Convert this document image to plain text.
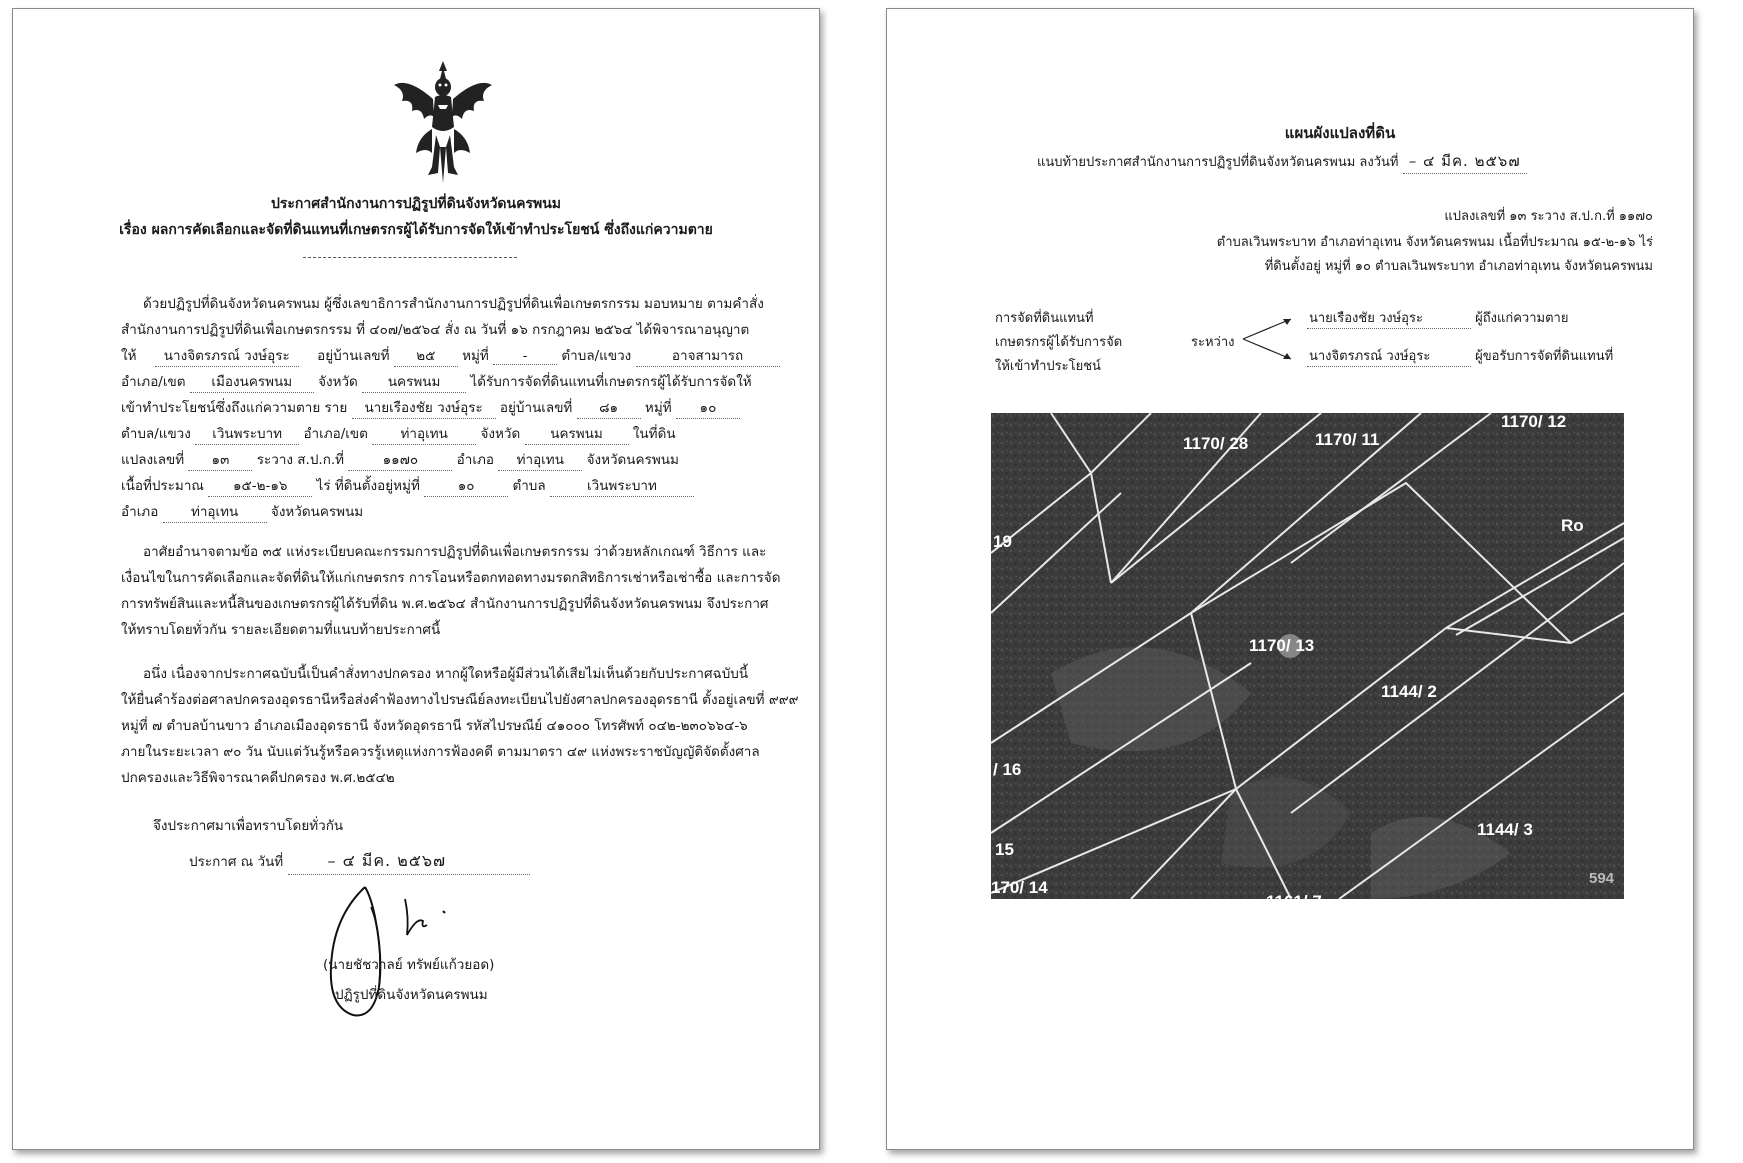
ประกาศสำนักงานการปฏิรูปที่ดินจังหวัดนครพนม
เรื่อง ผลการคัดเลือกและจัดที่ดินแทนที่เกษตรกรผู้ได้รับการจัดให้เข้าทำประโยชน์ ซึ่งถึงแก่ความตาย
ด้วยปฏิรูปที่ดินจังหวัดนครพนม ผู้ซึ่งเลขาธิการสำนักงานการปฏิรูปที่ดินเพื่อเกษตรกรรม มอบหมาย ตามคำสั่ง
สำนักงานการปฏิรูปที่ดินเพื่อเกษตรกรรม ที่ ๔๐๗/๒๕๖๔ สั่ง ณ วันที่ ๑๖ กรกฎาคม ๒๕๖๔ ได้พิจารณาอนุญาต
ให้ นางจิตรภรณ์ วงษ์อุระ อยู่บ้านเลขที่ ๒๕ หมู่ที่	-	ตำบล/แขวง	อาจสามารถ
อำเภอ/เขต เมืองนครพนม จังหวัด นครพนม ได้รับการจัดที่ดินแทนที่เกษตรกรผู้ได้รับการจัดให้
เข้าทำประโยชน์ซึ่งถึงแก่ความตาย ราย นายเรืองชัย วงษ์อุระ อยู่บ้านเลขที่ ๘๑ หมู่ที่ ๑๐
ตำบล/แขวง เวินพระบาท อำเภอ/เขต ท่าอุเทน จังหวัด นครพนม ในที่ดิน
แปลงเลขที่ ๑๓ ระวาง ส.ป.ก.ที่	๑๑๗๐	อำเภอ ท่าอุเทน จังหวัดนครพนม
เนื้อที่ประมาณ ๑๕-๒-๑๖ ไร่ ที่ดินตั้งอยู่หมู่ที่	๑๐	ตำบล	เวินพระบาท
อำเภอ ท่าอุเทน จังหวัดนครพนม
อาศัยอำนาจตามข้อ ๓๕ แห่งระเบียบคณะกรรมการปฏิรูปที่ดินเพื่อเกษตรกรรม ว่าด้วยหลักเกณฑ์ วิธีการ และ
เงื่อนไขในการคัดเลือกและจัดที่ดินให้แก่เกษตรกร การโอนหรือตกทอดทางมรดกสิทธิการเช่าหรือเช่าซื้อ และการจัด
การทรัพย์สินและหนี้สินของเกษตรกรผู้ได้รับที่ดิน พ.ศ.๒๕๖๔ สำนักงานการปฏิรูปที่ดินจังหวัดนครพนม จึงประกาศ
ให้ทราบโดยทั่วกัน รายละเอียดตามที่แนบท้ายประกาศนี้
อนึ่ง เนื่องจากประกาศฉบับนี้เป็นคำสั่งทางปกครอง หากผู้ใดหรือผู้มีส่วนได้เสียไม่เห็นด้วยกับประกาศฉบับนี้
ให้ยื่นคำร้องต่อศาลปกครองอุดรธานีหรือส่งคำฟ้องทางไปรษณีย์ลงทะเบียนไปยังศาลปกครองอุดรธานี ตั้งอยู่เลขที่ ๙๙๙
หมู่ที่ ๗ ตำบลบ้านขาว อำเภอเมืองอุดรธานี จังหวัดอุดรธานี รหัสไปรษณีย์ ๔๑๐๐๐ โทรศัพท์ ๐๔๒-๒๓๐๖๖๔-๖
ภายในระยะเวลา ๙๐ วัน นับแต่วันรู้หรือควรรู้เหตุแห่งการฟ้องคดี ตามมาตรา ๔๙ แห่งพระราชบัญญัติจัดตั้งศาล
ปกครองและวิธีพิจารณาคดีปกครอง พ.ศ.๒๕๔๒
จึงประกาศมาเพื่อทราบโดยทั่วกัน
ประกาศ ณ วันที่	– ๔ มีค. ๒๕๖๗
(นายชัชวาลย์ ทรัพย์แก้วยอด)
ปฏิรูปที่ดินจังหวัดนครพนม
แผนผังแปลงที่ดิน
แนบท้ายประกาศสำนักงานการปฏิรูปที่ดินจังหวัดนครพนม ลงวันที่ – ๔ มีค. ๒๕๖๗
แปลงเลขที่ ๑๓ ระวาง ส.ป.ก.ที่ ๑๑๗๐
ตำบลเวินพระบาท อำเภอท่าอุเทน จังหวัดนครพนม เนื้อที่ประมาณ ๑๕-๒-๑๖ ไร่
ที่ดินตั้งอยู่ หมู่ที่ ๑๐ ตำบลเวินพระบาท อำเภอท่าอุเทน จังหวัดนครพนม
การจัดที่ดินแทนที่
เกษตรกรผู้ได้รับการจัด
ให้เข้าทำประโยชน์
ระหว่าง
นายเรืองชัย วงษ์อุระ	ผู้ถึงแก่ความตาย
นางจิตรภรณ์ วงษ์อุระ	ผู้ขอรับการจัดที่ดินแทนที่
1170/ 28	1170/ 11
1170/ 12
19
Ro
1170/ 13
1144/ 2
/ 16
1144/ 3
15
170/ 14
1161/ 7
594
